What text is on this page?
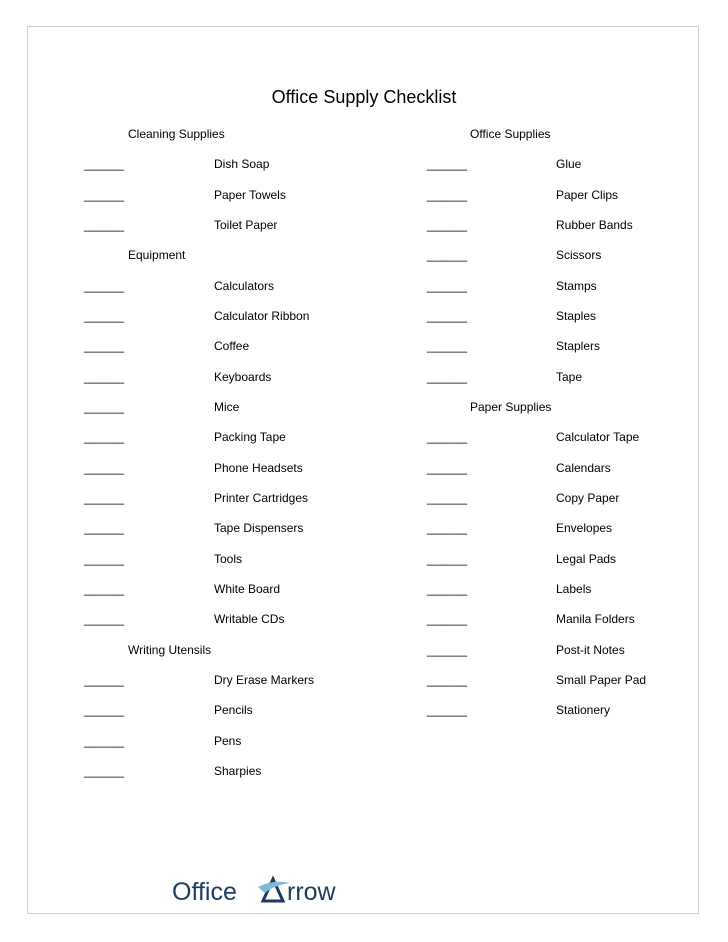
Office Supply Checklist
Cleaning Supplies
______	Dish Soap
______	Paper Towels
______	Toilet Paper
Equipment
______	Calculators
______	Calculator Ribbon
______	Coffee
______	Keyboards
______	Mice
______	Packing Tape
______	Phone Headsets
______	Printer Cartridges
______	Tape Dispensers
______	Tools
______	White Board
______	Writable CDs
Writing Utensils
______	Dry Erase Markers
______	Pencils
______	Pens
______	Sharpies
Office Supplies
______	Glue
______	Paper Clips
______	Rubber Bands
______	Scissors
______	Stamps
______	Staples
______	Staplers
______	Tape
Paper Supplies
______	Calculator Tape
______	Calendars
______	Copy Paper
______	Envelopes
______	Legal Pads
______	Labels
______	Manila Folders
______	Post-it Notes
______	Small Paper Pad
______	Stationery
Office rrow
